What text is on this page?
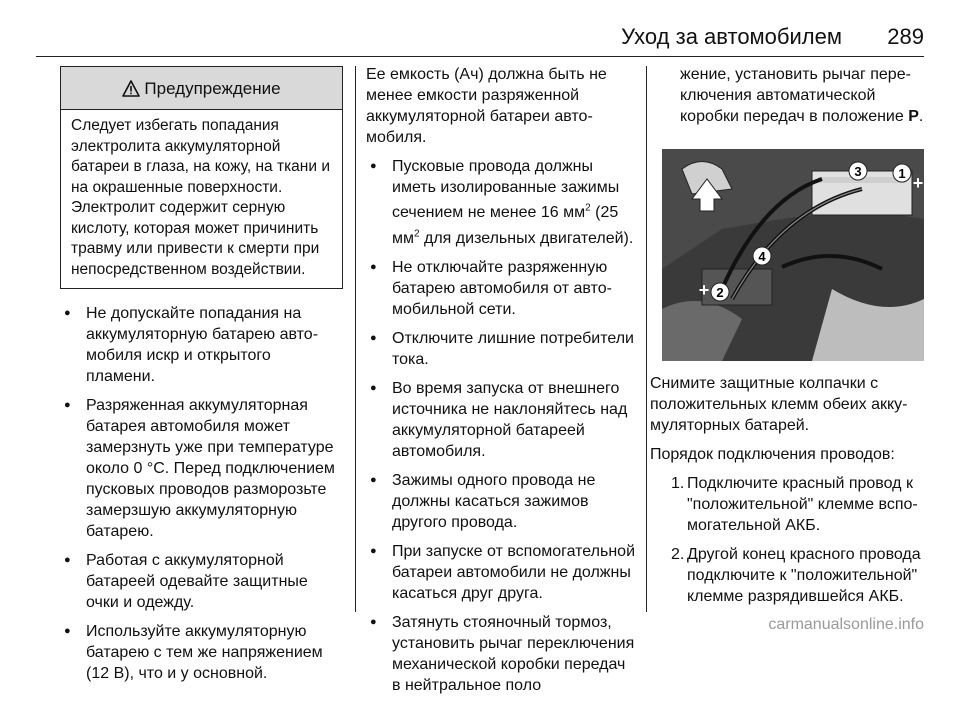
Уход за автомобилем 289
Предупреждение

Следует избегать попадания электролита аккумуляторной батареи в глаза, на кожу, на ткани и на окрашенные поверхности. Электролит содержит серную кислоту, которая может причинить травму или привести к смерти при непосредственном воздействии.

● Не допускайте попадания на аккумуляторную батарею автомобиля искр и открытого пламени.
● Разряженная аккумуляторная батарея автомобиля может замерзнуть уже при температуре около 0 °C. Перед подключением пусковых проводов разморозьте замерзшую аккумуляторную батарею.
● Работая с аккумуляторной батареей одевайте защитные очки и одежду.
● Используйте аккумуляторную батарею с тем же напряжением (12 В), что и у основной.

Ее емкость (Ач) должна быть не менее емкости разряженной аккумуляторной батареи автомобиля.

● Пусковые провода должны иметь изолированные зажимы сечением не менее 16 $мм^2$ (25 $мм^2$ для дизельных двигателей).
● Не отключайте разряженную батарею автомобиля от автомобильной сети.
● Отключите лишние потребители тока.
● Во время запуска от внешнего источника не наклоняйтесь над аккумуляторной батареей автомобиля.
● Зажимы одного провода не должны касаться зажимов другого провода.
● При запуске от вспомогательной батареи автомобили не должны касаться друг друга.
● Затянуть стояночный тормоз, установить рычаг переключения механической коробки передач в нейтральное поло

жение, установить рычаг переключения автоматической коробки передач в положение P.

1
2
3
4
+
+

Снимите защитные колпачки с положительных клемм обеих аккумуляторных батарей.

Порядок подключения проводов:

1. Подключите красный провод к "положительной" клемме вспомогательной АКБ.
2. Другой конец красного провода подключите к "положительной" клемме разрядившейся АКБ.
carmanualsonline.info
